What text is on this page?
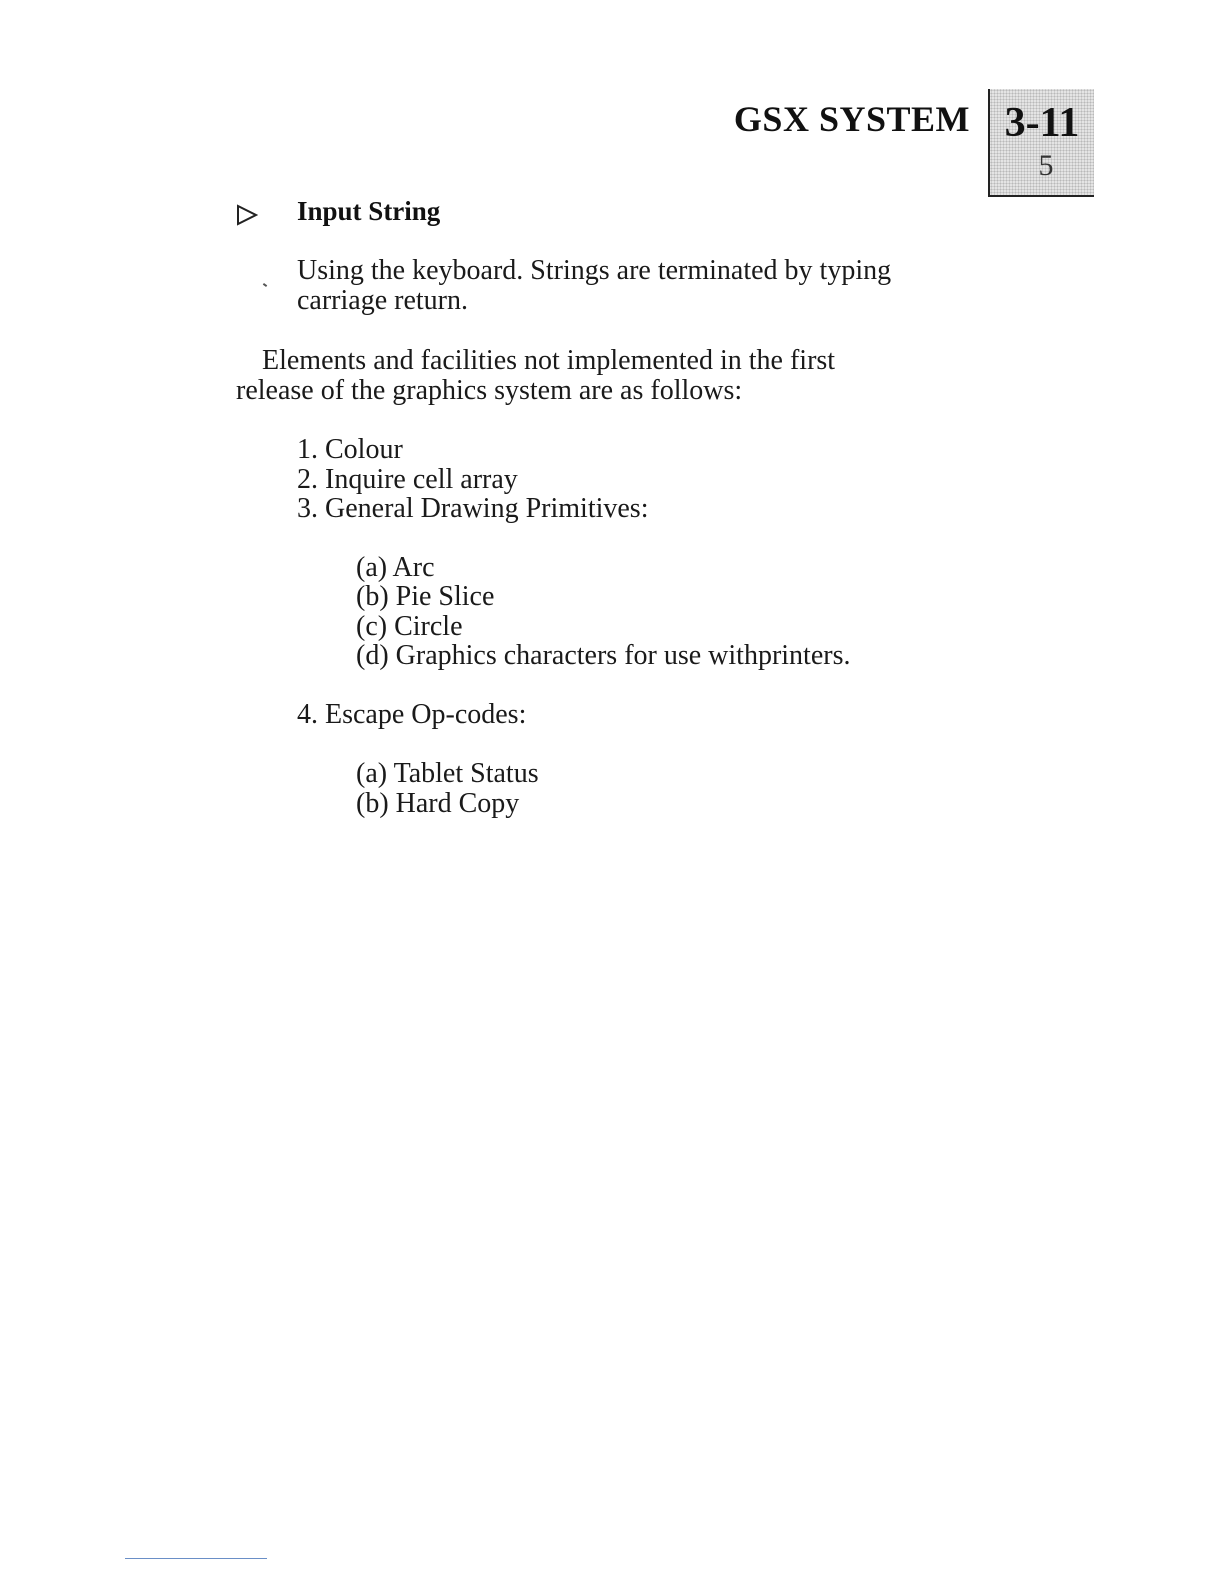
GSX SYSTEM 3-11
5
Input String
Using the keyboard. Strings are terminated by typing
carriage return.
Elements and facilities not implemented in the first
release of the graphics system are as follows:
1. Colour
2. Inquire cell array
3. General Drawing Primitives:
(a) Arc
(b) Pie Slice
(c) Circle
(d) Graphics characters for use withprinters.
4. Escape Op-codes:
(a) Tablet Status
(b) Hard Copy
